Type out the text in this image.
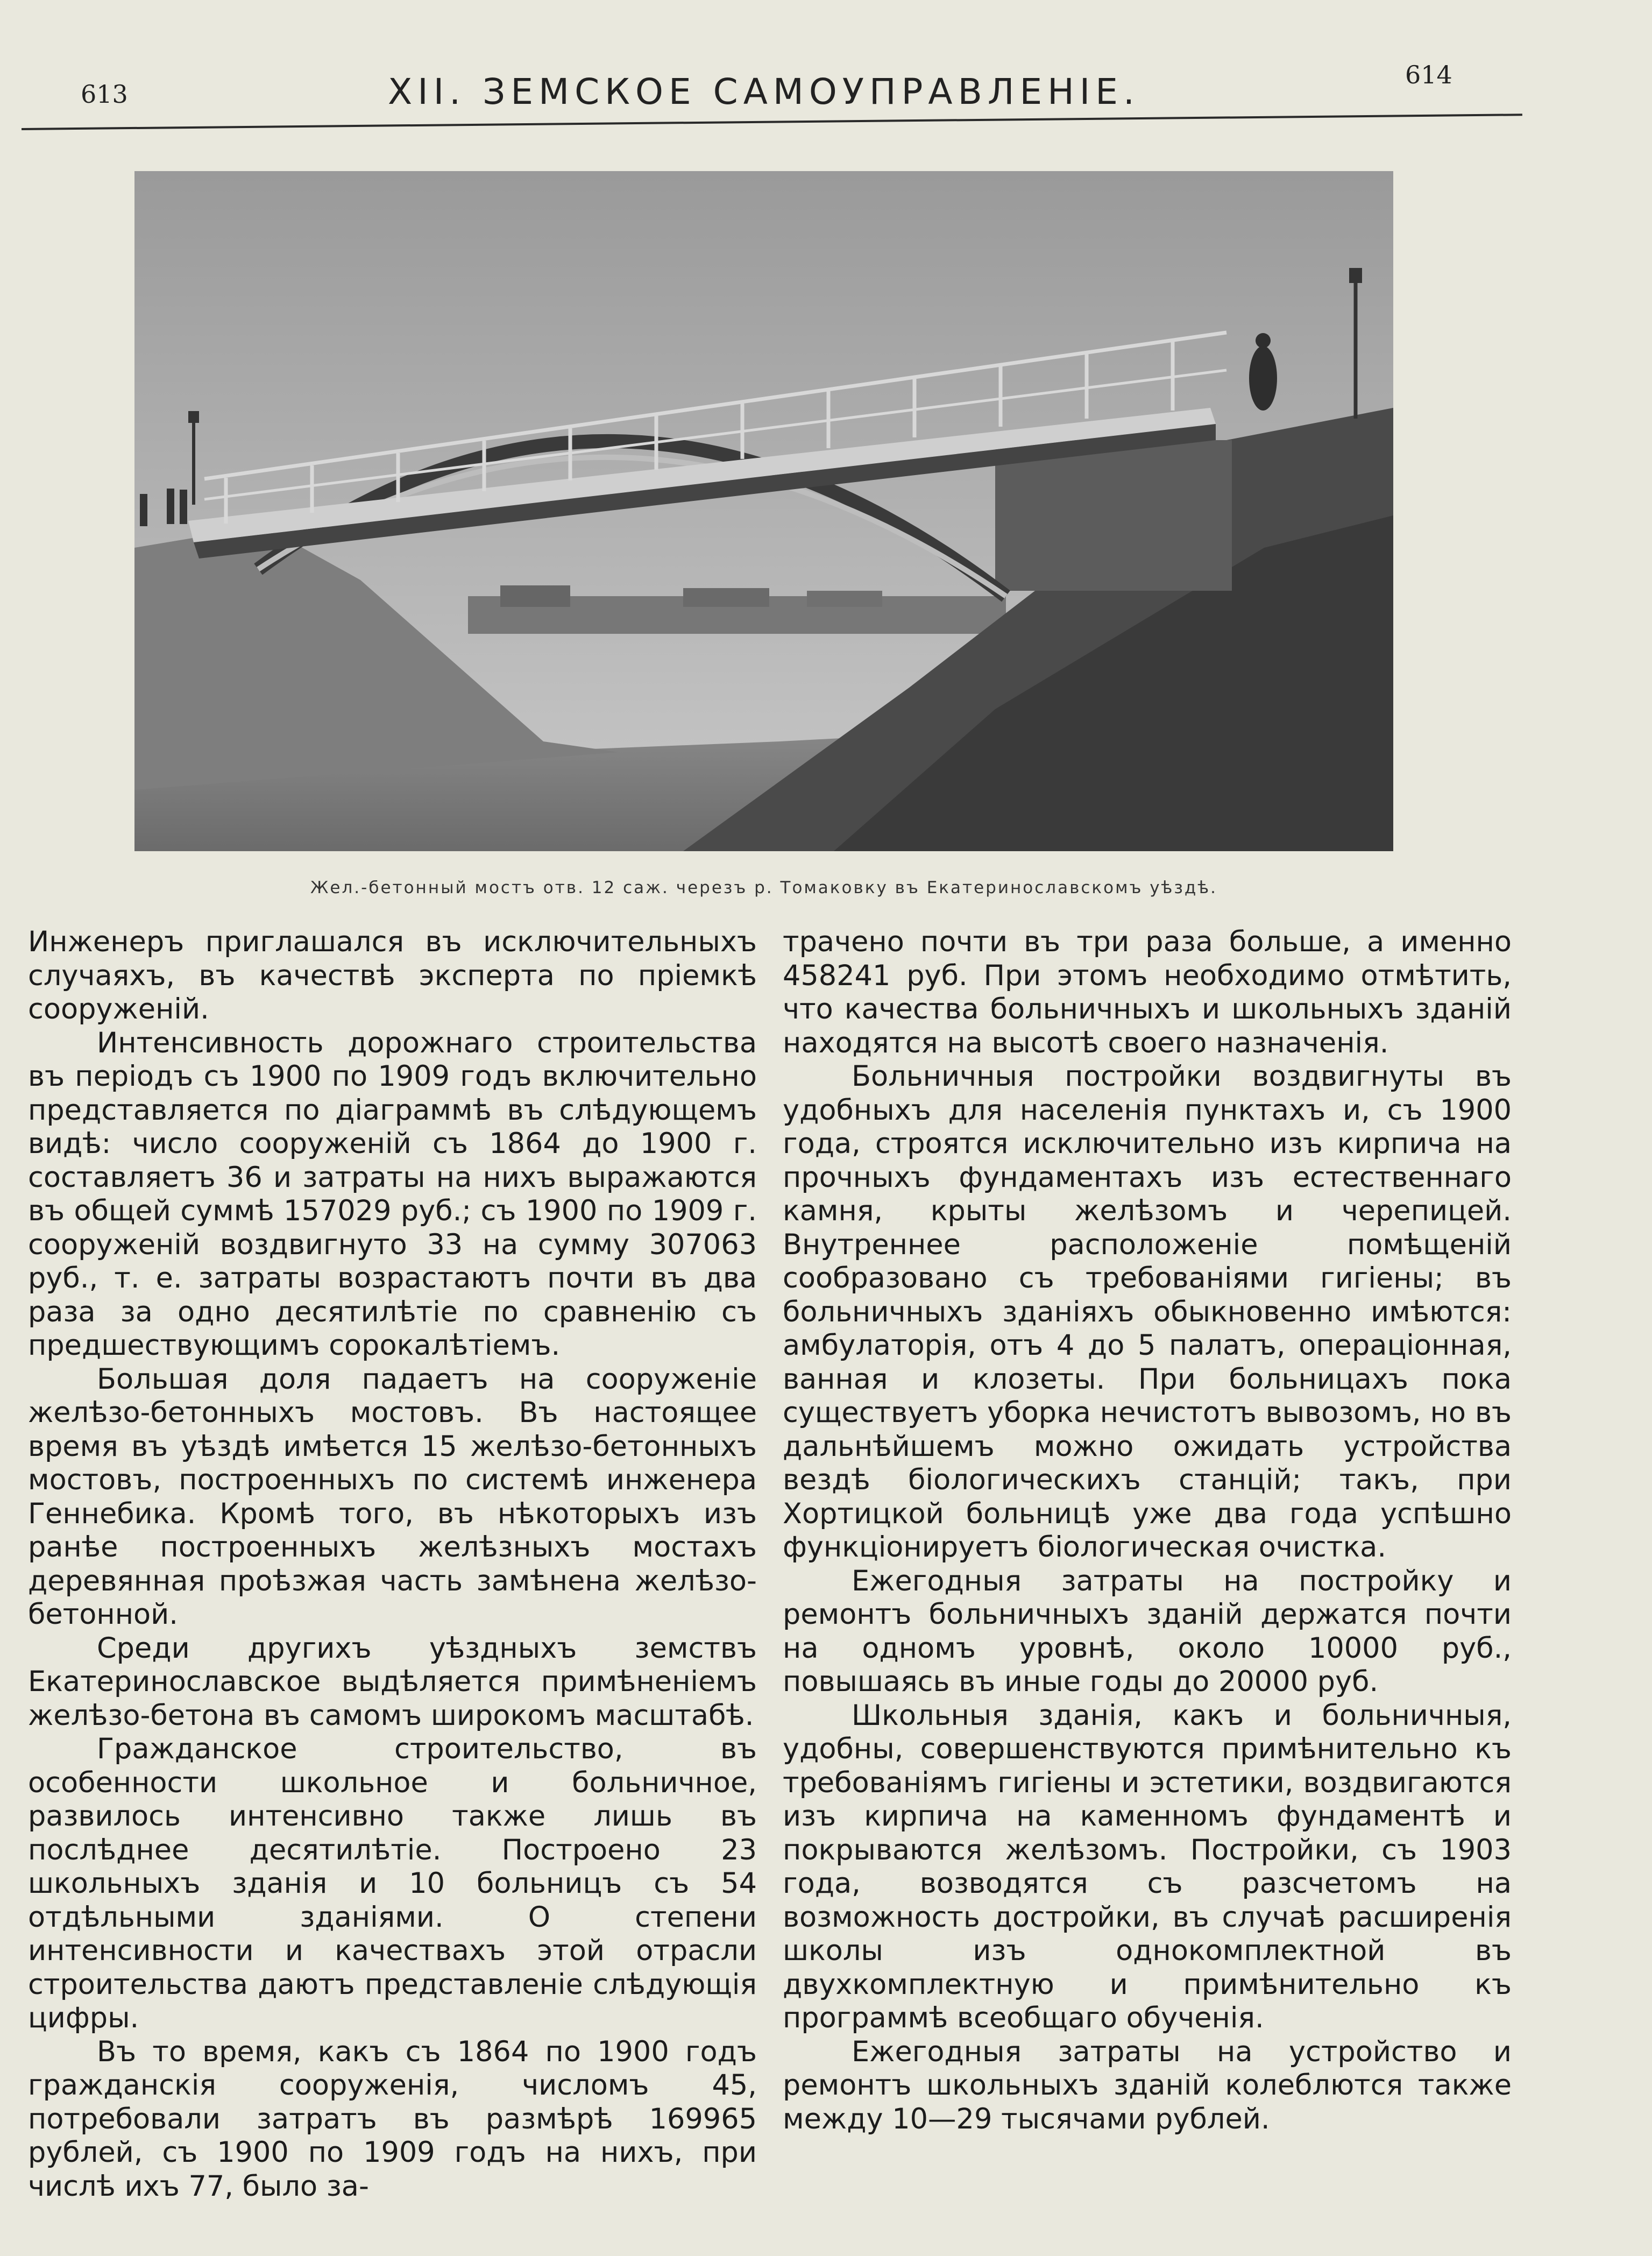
613	XII. ЗЕМСКОЕ САМОУПРАВЛЕНІЕ.	614
Жел.-бетонный мостъ отв. 12 саж. черезъ р. Томаковку въ Екатеринославскомъ уѣздѣ.

Инженеръ приглашался въ исключительныхъ случаяхъ, въ качествѣ эксперта по пріемкѣ сооруженій.

Интенсивность дорожнаго строительства въ періодъ съ 1900 по 1909 годъ включительно представляется по діаграммѣ въ слѣдующемъ видѣ: число сооруженій съ 1864 до 1900 г. составляетъ 36 и затраты на нихъ выражаются въ общей суммѣ 157029 руб.; съ 1900 по 1909 г. сооруженій воздвигнуто 33 на сумму 307063 руб., т. е. затраты возрастаютъ почти въ два раза за одно десятилѣтіе по сравненію съ предшествующимъ сорокалѣтіемъ.

Большая доля падаетъ на сооруженіе желѣзо-бетонныхъ мостовъ. Въ настоящее время въ уѣздѣ имѣется 15 желѣзо-бетонныхъ мостовъ, построенныхъ по системѣ инженера Геннебика. Кромѣ того, въ нѣкоторыхъ изъ ранѣе построенныхъ желѣзныхъ мостахъ деревянная проѣзжая часть замѣнена желѣзо-бетонной.

Среди другихъ уѣздныхъ земствъ Екатеринославское выдѣляется примѣненіемъ желѣзо-бетона въ самомъ широкомъ масштабѣ.

Гражданское строительство, въ особенности школьное и больничное, развилось интенсивно также лишь въ послѣднее десятилѣтіе. Построено 23 школьныхъ зданія и 10 больницъ съ 54 отдѣльными зданіями. О степени интенсивности и качествахъ этой отрасли строительства даютъ представленіе слѣдующія цифры.

Въ то время, какъ съ 1864 по 1900 годъ гражданскія сооруженія, числомъ 45, потребовали затратъ въ размѣрѣ 169965 рублей, съ 1900 по 1909 годъ на нихъ, при числѣ ихъ 77, было за-

трачено почти въ три раза больше, а именно 458241 руб. При этомъ необходимо отмѣтить, что качества больничныхъ и школьныхъ зданій находятся на высотѣ своего назначенія.

Больничныя постройки воздвигнуты въ удобныхъ для населенія пунктахъ и, съ 1900 года, строятся исключительно изъ кирпича на прочныхъ фундаментахъ изъ естественнаго камня, крыты желѣзомъ и черепицей. Внутреннее расположеніе помѣщеній сообразовано съ требованіями гигіены; въ больничныхъ зданіяхъ обыкновенно имѣются: амбулаторія, отъ 4 до 5 палатъ, операціонная, ванная и клозеты. При больницахъ пока существуетъ уборка нечистотъ вывозомъ, но въ дальнѣйшемъ можно ожидать устройства вездѣ біологическихъ станцій; такъ, при Хортицкой больницѣ уже два года успѣшно функціонируетъ біологическая очистка.

Ежегодныя затраты на постройку и ремонтъ больничныхъ зданій держатся почти на одномъ уровнѣ, около 10000 руб., повышаясь въ иные годы до 20000 руб.

Школьныя зданія, какъ и больничныя, удобны, совершенствуются примѣнительно къ требованіямъ гигіены и эстетики, воздвигаются изъ кирпича на каменномъ фундаментѣ и покрываются желѣзомъ. Постройки, съ 1903 года, возводятся съ разсчетомъ на возможность достройки, въ случаѣ расширенія школы изъ однокомплектной въ двухкомплектную и примѣнительно къ программѣ всеобщаго обученія.

Ежегодныя затраты на устройство и ремонтъ школьныхъ зданій колеблются также между 10—29 тысячами рублей.
